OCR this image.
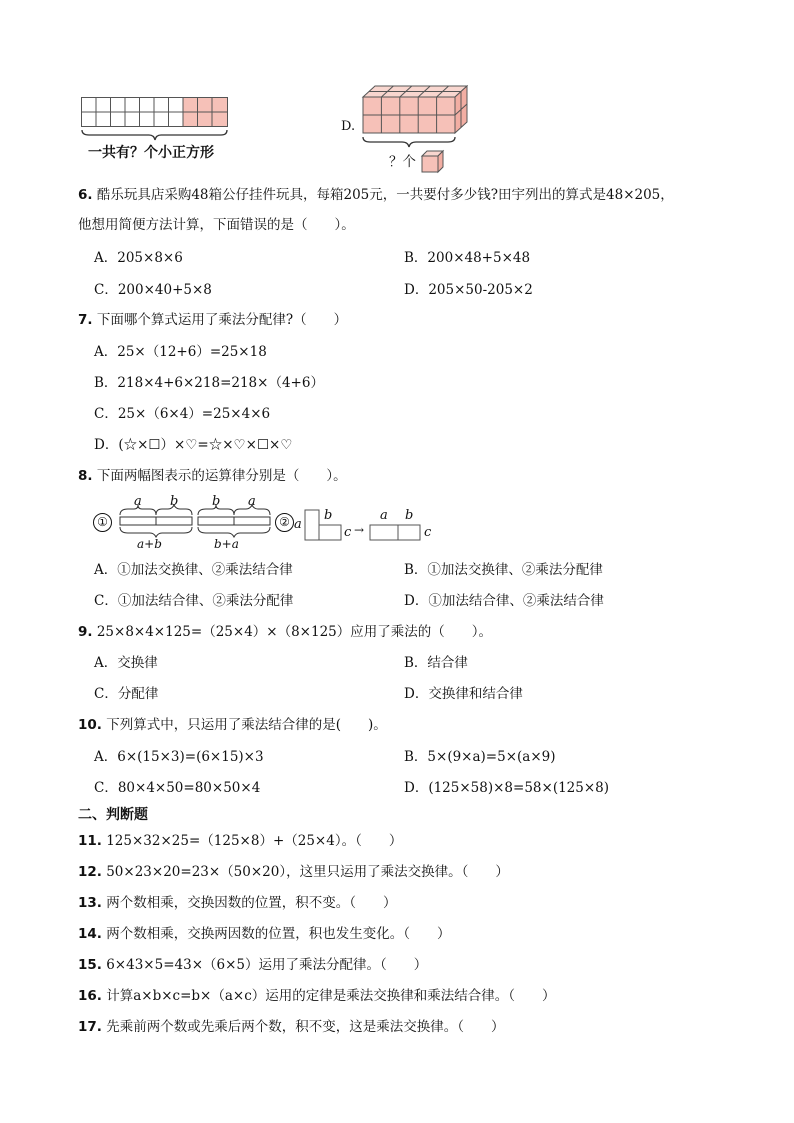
一共有？个小正方形
D.
？个
6. 酷乐玩具店采购48箱公仔挂件玩具，每箱205元，一共要付多少钱?田宇列出的算式是48×205，
他想用简便方法计算，下面错误的是（　　）。
A．205×8×6	B．200×48+5×48
C．200×40+5×8	D．205×50-205×2
7. 下面哪个算式运用了乘法分配律?（　　）
A．25×（12+6）=25×18
B．218×4+6×218=218×（4+6）
C．25×（6×4）=25×4×6
D．(☆×☐）×♡=☆×♡×☐×♡
8. 下面两幅图表示的运算律分别是（　　）。
①
a b
a+b
b a
b+a
② a
b
c →
a b
c
A．①加法交换律、②乘法结合律	B．①加法交换律、②乘法分配律
C．①加法结合律、②乘法分配律	D．①加法结合律、②乘法结合律
9. 25×8×4×125=（25×4）×（8×125）应用了乘法的（　　）。
A．交换律	B．结合律
C．分配律	D．交换律和结合律
10. 下列算式中，只运用了乘法结合律的是(　　)。
A．6×(15×3)=(6×15)×3	B．5×(9×a)=5×(a×9)
C．80×4×50=80×50×4	D．(125×58)×8=58×(125×8)
二、判断题
11. 125×32×25=（125×8）+（25×4）。（　　）
12. 50×23×20=23×（50×20），这里只运用了乘法交换律。（　　）
13. 两个数相乘，交换因数的位置，积不变。（　　）
14. 两个数相乘，交换两因数的位置，积也发生变化。（　　）
15. 6×43×5=43×（6×5）运用了乘法分配律。（　　）
16. 计算a×b×c=b×（a×c）运用的定律是乘法交换律和乘法结合律。（　　）
17. 先乘前两个数或先乘后两个数，积不变，这是乘法交换律。（　　）
